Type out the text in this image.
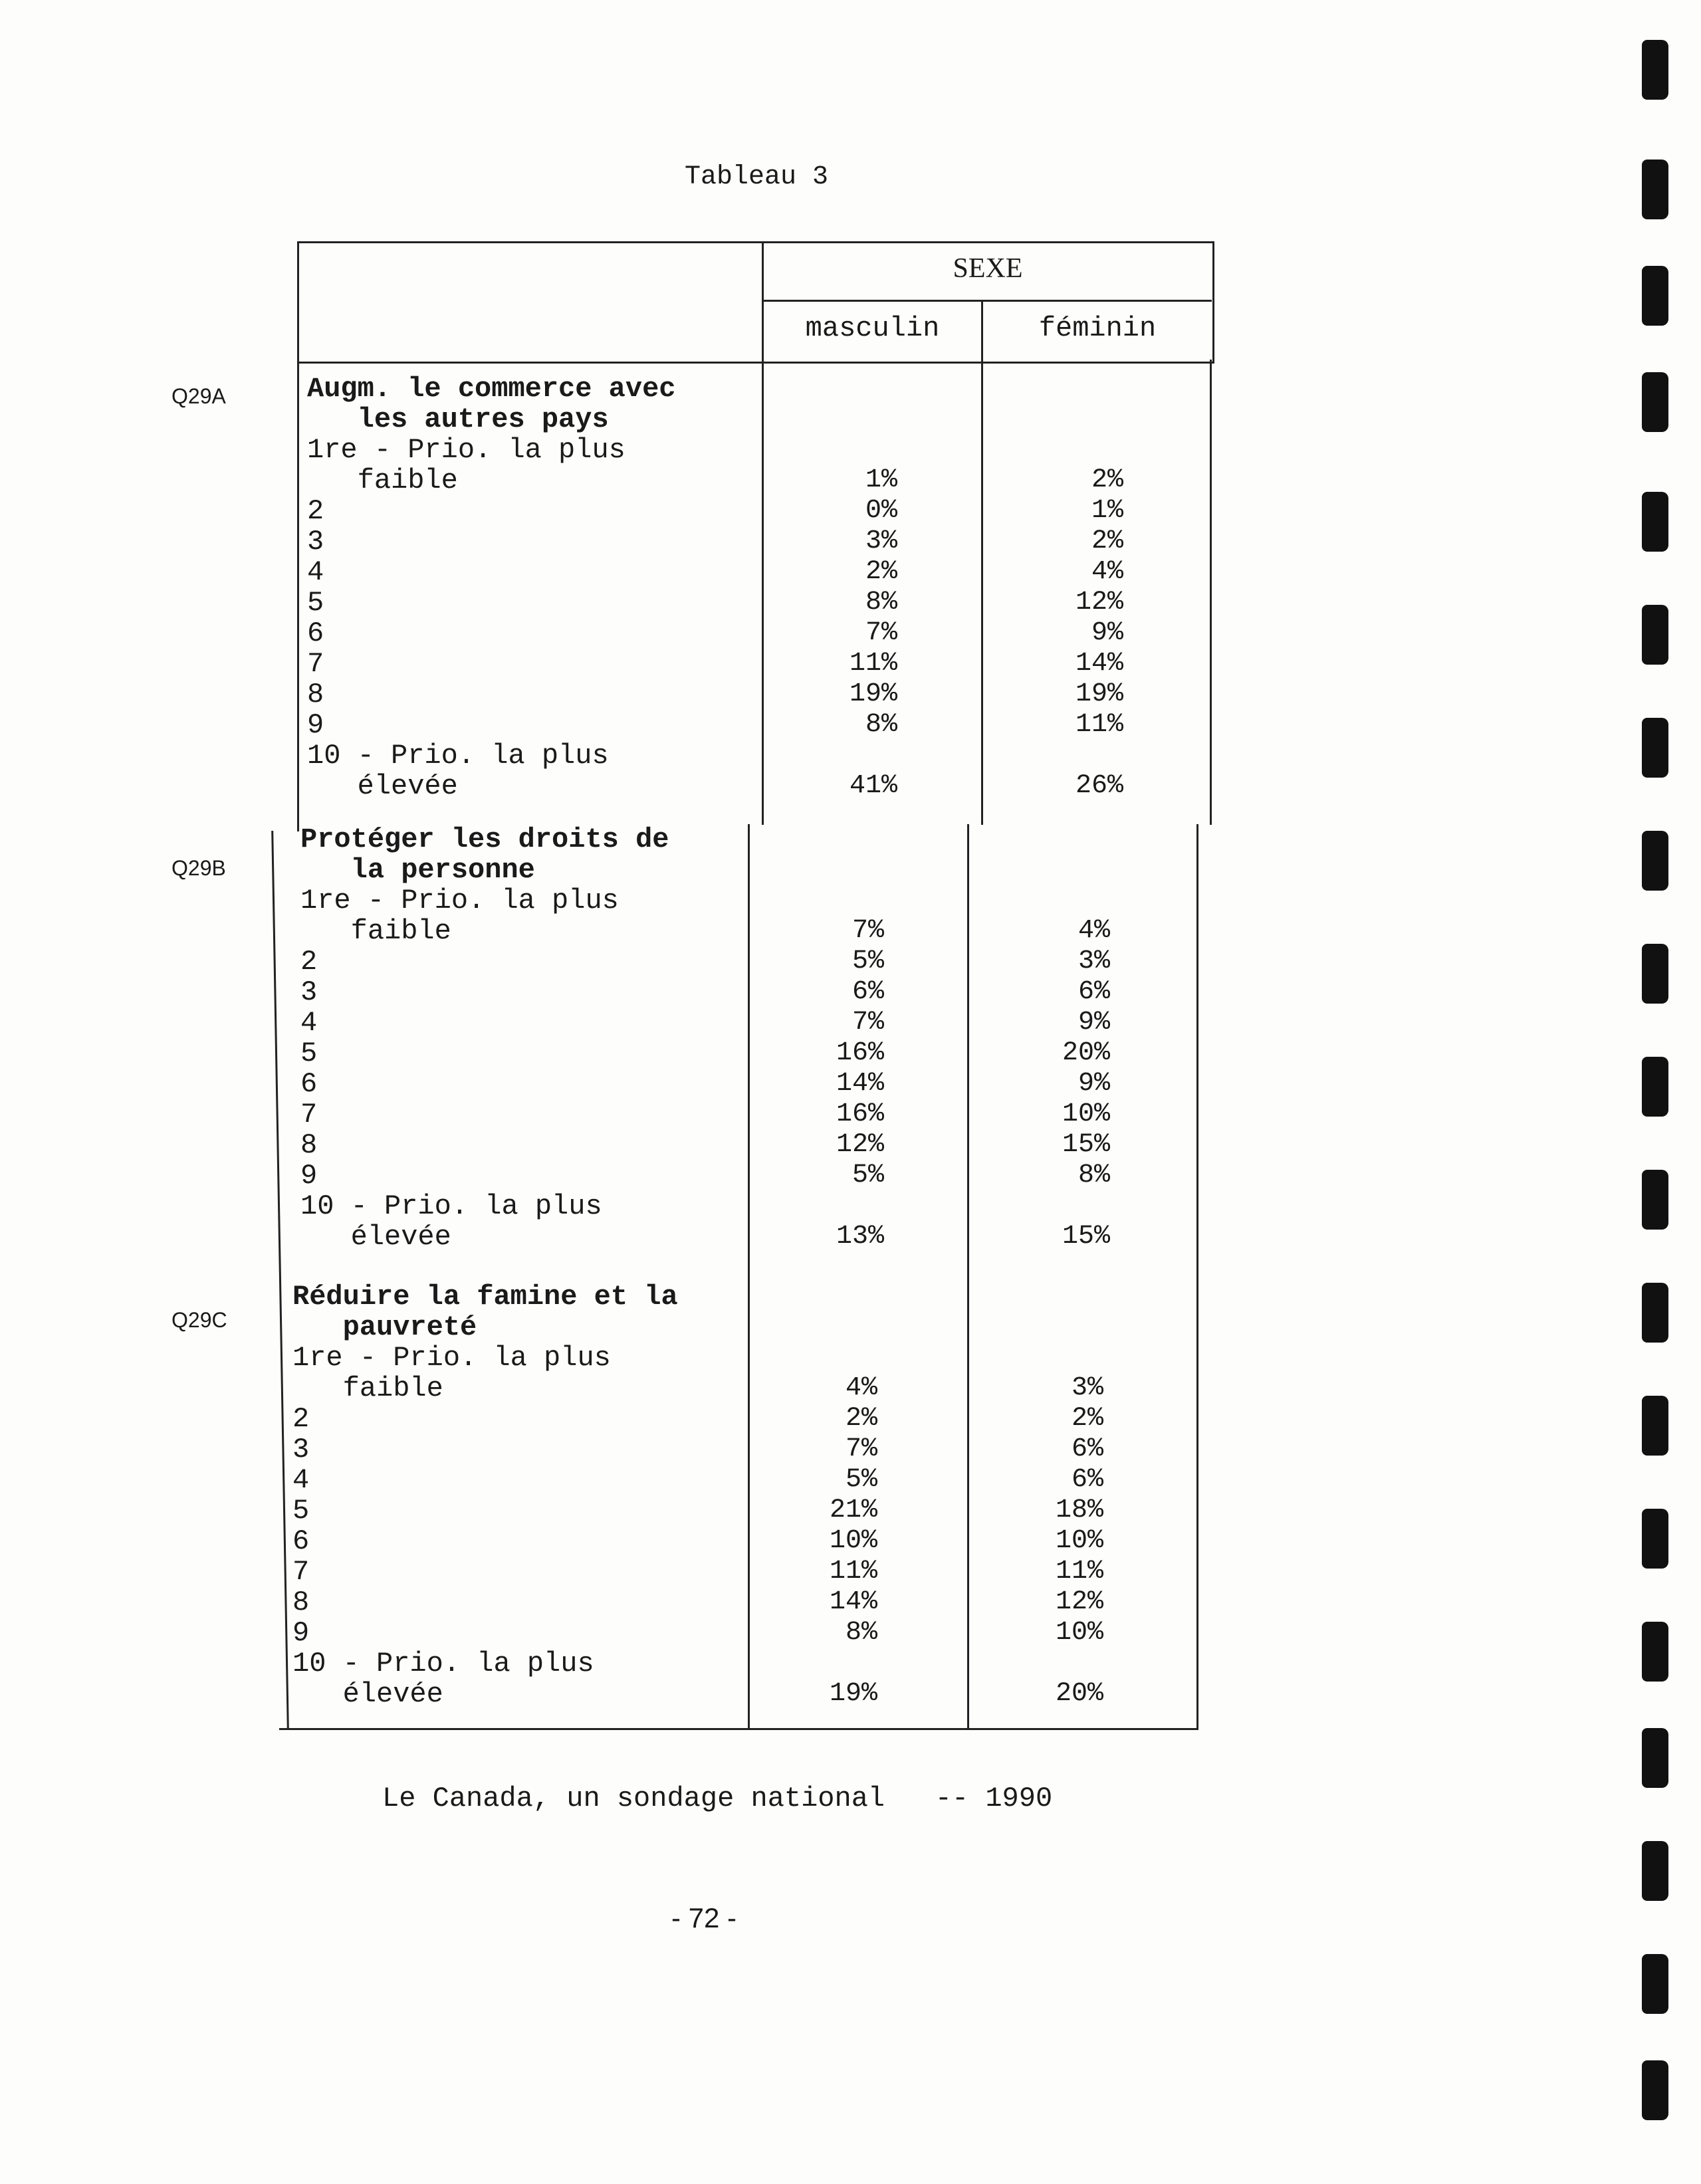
Tableau 3
SEXE
masculin	féminin
Q29A	Augm. le commerce avec
les autres pays
1re - Prio. la plus
faible	1%	2%
2	0%	1%
3	3%	2%
4	2%	4%
5	8%	12%
6	7%	9%
7	11%	14%
8	19%	19%
9	8%	11%
10 - Prio. la plus
élevée	41%	26%
Q29B
Protéger les droits de
la personne
1re - Prio. la plus
faible	7%	4%
2	5%	3%
3	6%	6%
4	7%	9%
5	16%	20%
6	14%	9%
7	16%	10%
8	12%	15%
9	5%	8%
10 - Prio. la plus
élevée	13%	15%
Q29C
Réduire la famine et la
pauvreté
1re - Prio. la plus
faible	4%	3%
2	2%	2%
3	7%	6%
4	5%	6%
5	21%	18%
6	10%	10%
7	11%	11%
8	14%	12%
9	8%	10%
10 - Prio. la plus
élevée	19%	20%
Le Canada, un sondage national   -- 1990
- 72 -
